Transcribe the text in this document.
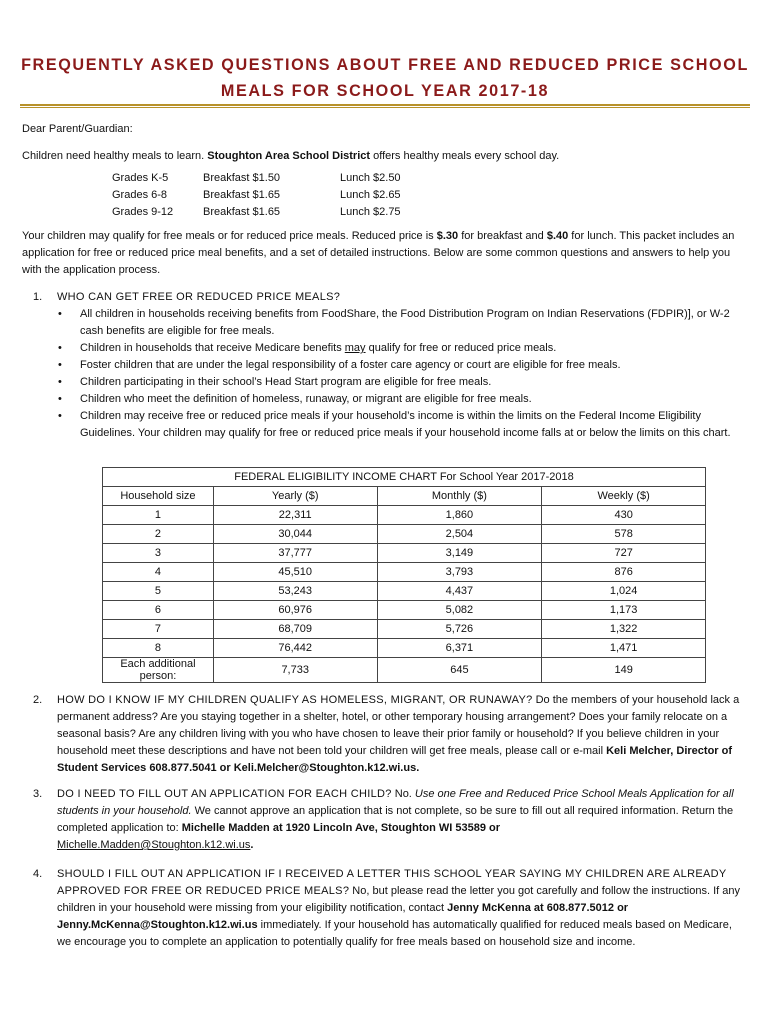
FREQUENTLY ASKED QUESTIONS ABOUT FREE AND REDUCED PRICE SCHOOL
MEALS FOR SCHOOL YEAR 2017-18
Dear Parent/Guardian:
Children need healthy meals to learn. Stoughton Area School District offers healthy meals every school day.
Grades K-5	Breakfast $1.50	Lunch $2.50
Grades 6-8	Breakfast $1.65	Lunch $2.65
Grades 9-12	Breakfast $1.65	Lunch $2.75
Your children may qualify for free meals or for reduced price meals. Reduced price is $.30 for breakfast and $.40 for lunch. This packet includes an application for free or reduced price meal benefits, and a set of detailed instructions. Below are some common questions and answers to help you with the application process.
1. WHO CAN GET FREE OR REDUCED PRICE MEALS?
• All children in households receiving benefits from FoodShare, the Food Distribution Program on Indian Reservations (FDPIR)], or W-2 cash benefits are eligible for free meals.
• Children in households that receive Medicare benefits may qualify for free or reduced price meals.
• Foster children that are under the legal responsibility of a foster care agency or court are eligible for free meals.
• Children participating in their school’s Head Start program are eligible for free meals.
• Children who meet the definition of homeless, runaway, or migrant are eligible for free meals.
• Children may receive free or reduced price meals if your household’s income is within the limits on the Federal Income Eligibility Guidelines. Your children may qualify for free or reduced price meals if your household income falls at or below the limits on this chart.
FEDERAL ELIGIBILITY INCOME CHART For School Year 2017-2018			
Household size	Yearly ($)	Monthly ($)	Weekly ($)
1	22,311	1,860	430
2	30,044	2,504	578
3	37,777	3,149	727
4	45,510	3,793	876
5	53,243	4,437	1,024
6	60,976	5,082	1,173
7	68,709	5,726	1,322
8	76,442	6,371	1,471
Each additional person:	7,733	645	149
2. HOW DO I KNOW IF MY CHILDREN QUALIFY AS HOMELESS, MIGRANT, OR RUNAWAY? Do the members of your household lack a permanent address? Are you staying together in a shelter, hotel, or other temporary housing arrangement? Does your family relocate on a seasonal basis? Are any children living with you who have chosen to leave their prior family or household? If you believe children in your household meet these descriptions and have not been told your children will get free meals, please call or e-mail Keli Melcher, Director of Student Services 608.877.5041 or Keli.Melcher@Stoughton.k12.wi.us.
3. DO I NEED TO FILL OUT AN APPLICATION FOR EACH CHILD? No. Use one Free and Reduced Price School Meals Application for all students in your household. We cannot approve an application that is not complete, so be sure to fill out all required information. Return the completed application to: Michelle Madden at 1920 Lincoln Ave, Stoughton WI 53589 or
Michelle.Madden@Stoughton.k12.wi.us.
4. SHOULD I FILL OUT AN APPLICATION IF I RECEIVED A LETTER THIS SCHOOL YEAR SAYING MY CHILDREN ARE ALREADY APPROVED FOR FREE OR REDUCED PRICE MEALS? No, but please read the letter you got carefully and follow the instructions. If any children in your household were missing from your eligibility notification, contact Jenny McKenna at 608.877.5012 or Jenny.McKenna@Stoughton.k12.wi.us immediately. If your household has automatically qualified for reduced meals based on Medicare, we encourage you to complete an application to potentially qualify for free meals based on household size and income.
